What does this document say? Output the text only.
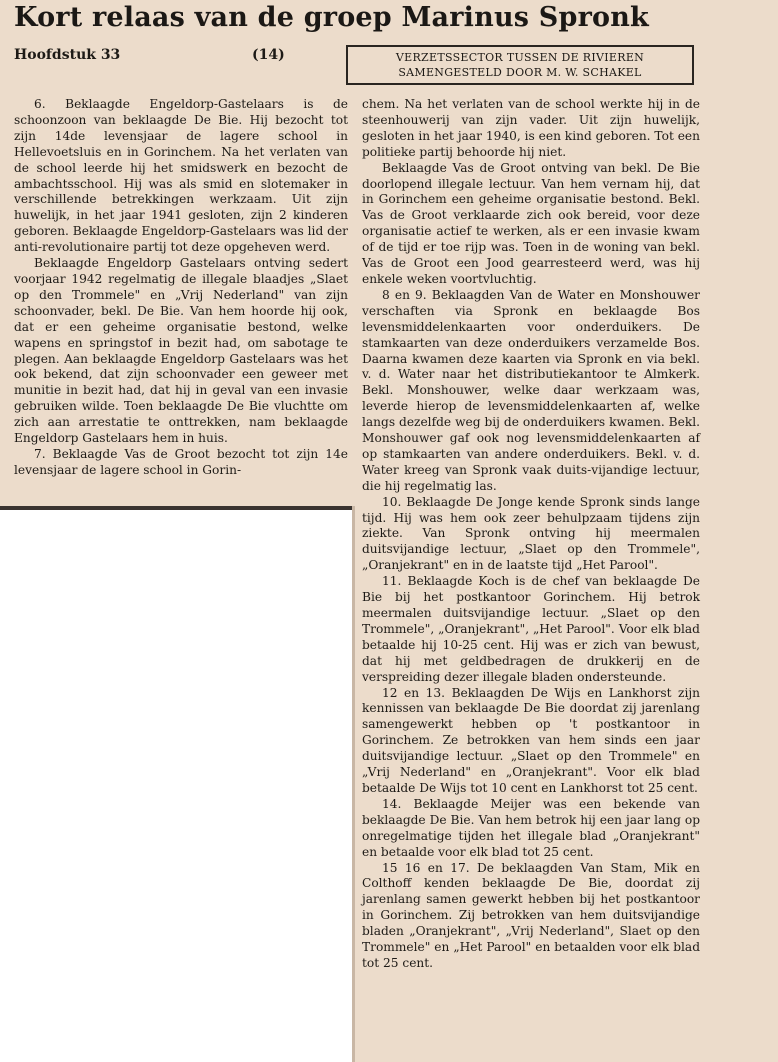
Kort relaas van de groep Marinus Spronk
Hoofdstuk 33	(14)	VERZETSSECTOR TUSSEN DE RIVIEREN
SAMENGESTELD DOOR M. W. SCHAKEL

6. Beklaagde Engeldorp-Gastelaars is de schoonzoon van beklaagde De Bie. Hij bezocht tot zijn 14de levensjaar de lagere school in Hellevoetsluis en in Gorinchem. Na het verlaten van de school leerde hij het smidswerk en bezocht de ambachtsschool. Hij was als smid en slotemaker in verschillende betrekkingen werkzaam. Uit zijn huwelijk, in het jaar 1941 gesloten, zijn 2 kinderen geboren. Beklaagde Engeldorp-Gastelaars was lid der anti-revolutionaire partij tot deze opgeheven werd.

Beklaagde Engeldorp Gastelaars ontving sedert voorjaar 1942 regelmatig de illegale blaadjes „Slaet op den Trommele" en „Vrij Nederland" van zijn schoonvader, bekl. De Bie. Van hem hoorde hij ook, dat er een geheime organisatie bestond, welke wapens en springstof in bezit had, om sabotage te plegen. Aan beklaagde Engeldorp Gastelaars was het ook bekend, dat zijn schoonvader een geweer met munitie in bezit had, dat hij in geval van een invasie gebruiken wilde. Toen beklaagde De Bie vluchtte om zich aan arrestatie te onttrekken, nam beklaagde Engeldorp Gastelaars hem in huis.

7. Beklaagde Vas de Groot bezocht tot zijn 14e levensjaar de lagere school in Gorin-

chem. Na het verlaten van de school werkte hij in de steenhouwerij van zijn vader. Uit zijn huwelijk, gesloten in het jaar 1940, is een kind geboren. Tot een politieke partij behoorde hij niet.

Beklaagde Vas de Groot ontving van bekl. De Bie doorlopend illegale lectuur. Van hem vernam hij, dat in Gorinchem een geheime organisatie bestond. Bekl. Vas de Groot verklaarde zich ook bereid, voor deze organisatie actief te werken, als er een invasie kwam of de tijd er toe rijp was. Toen in de woning van bekl. Vas de Groot een Jood gearresteerd werd, was hij enkele weken voortvluchtig.

8 en 9. Beklaagden Van de Water en Monshouwer verschaften via Spronk en beklaagde Bos levensmiddelenkaarten voor onderduikers. De stamkaarten van deze onderduikers verzamelde Bos. Daarna kwamen deze kaarten via Spronk en via bekl. v. d. Water naar het distributiekantoor te Almkerk. Bekl. Monshouwer, welke daar werkzaam was, leverde hierop de levensmiddelenkaarten af, welke langs dezelfde weg bij de onderduikers kwamen. Bekl. Monshouwer gaf ook nog levensmiddelenkaarten af op stamkaarten van andere onderduikers. Bekl. v. d. Water kreeg van Spronk vaak duits-vijandige lectuur, die hij regelmatig las.

10. Beklaagde De Jonge kende Spronk sinds lange tijd. Hij was hem ook zeer behulpzaam tijdens zijn ziekte. Van Spronk ontving hij meermalen duitsvijandige lectuur, „Slaet op den Trommele", „Oranjekrant" en in de laatste tijd „Het Parool".

11. Beklaagde Koch is de chef van beklaagde De Bie bij het postkantoor Gorinchem. Hij betrok meermalen duitsvijandige lectuur. „Slaet op den Trommele", „Oranjekrant", „Het Parool". Voor elk blad betaalde hij 10-25 cent. Hij was er zich van bewust, dat hij met geldbedragen de drukkerij en de verspreiding dezer illegale bladen ondersteunde.

12 en 13. Beklaagden De Wijs en Lankhorst zijn kennissen van beklaagde De Bie doordat zij jarenlang samengewerkt hebben op 't postkantoor in Gorinchem. Ze betrokken van hem sinds een jaar duitsvijandige lectuur. „Slaet op den Trommele" en „Vrij Nederland" en „Oranjekrant". Voor elk blad betaalde De Wijs tot 10 cent en Lankhorst tot 25 cent.

14. Beklaagde Meijer was een bekende van beklaagde De Bie. Van hem betrok hij een jaar lang op onregelmatige tijden het illegale blad „Oranjekrant" en betaalde voor elk blad tot 25 cent.

15 16 en 17. De beklaagden Van Stam, Mik en Colthoff kenden beklaagde De Bie, doordat zij jarenlang samen gewerkt hebben bij het postkantoor in Gorinchem. Zij betrokken van hem duitsvijandige bladen „Oranjekrant", „Vrij Nederland", Slaet op den Trommele" en „Het Parool" en betaalden voor elk blad tot 25 cent.
